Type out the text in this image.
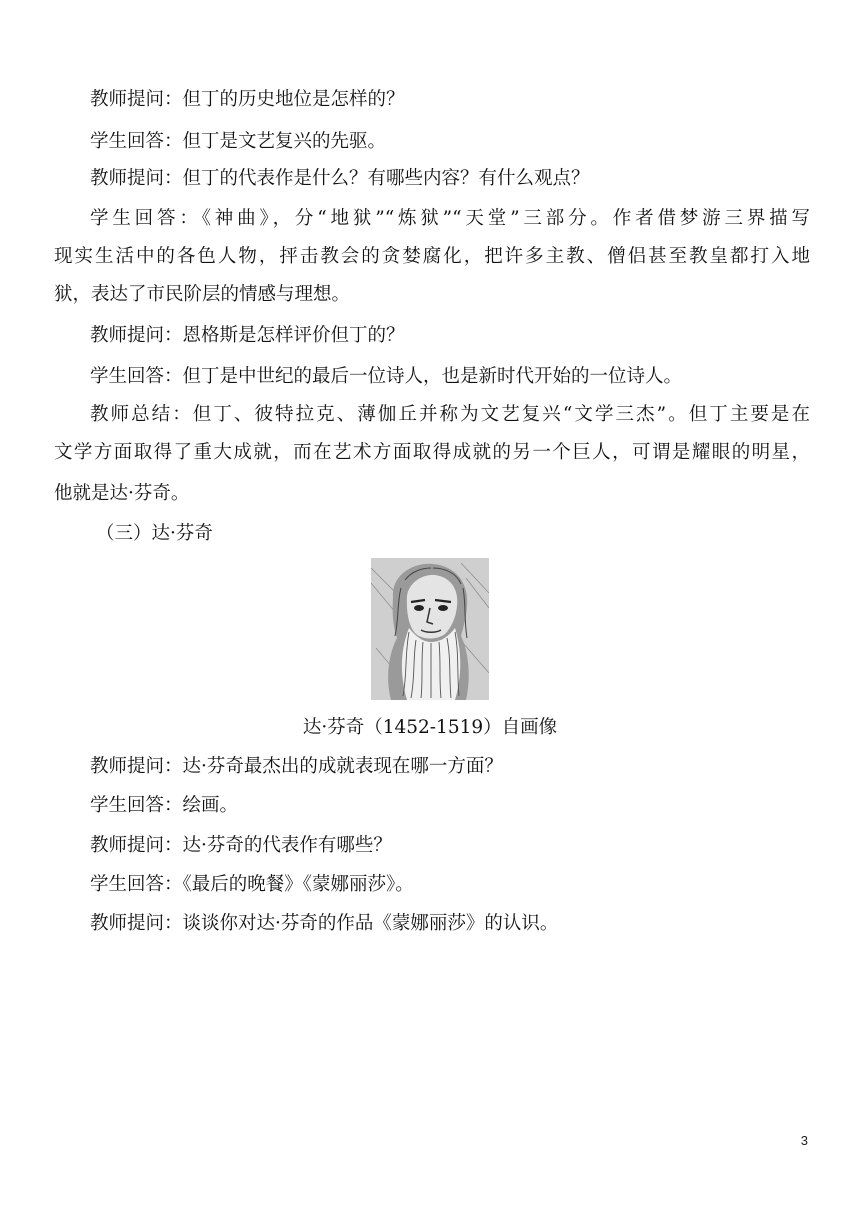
教师提问：但丁的历史地位是怎样的？

学生回答：但丁是文艺复兴的先驱。

教师提问：但丁的代表作是什么？有哪些内容？有什么观点？

学生回答：《神曲》，分“地狱”“炼狱”“天堂”三部分。作者借梦游三界描写

现实生活中的各色人物，抨击教会的贪婪腐化，把许多主教、僧侣甚至教皇都打入地

狱，表达了市民阶层的情感与理想。

教师提问：恩格斯是怎样评价但丁的？

学生回答：但丁是中世纪的最后一位诗人，也是新时代开始的一位诗人。

教师总结：但丁、彼特拉克、薄伽丘并称为文艺复兴“文学三杰”。但丁主要是在

文学方面取得了重大成就，而在艺术方面取得成就的另一个巨人，可谓是耀眼的明星，

他就是达·芬奇。

（三）达·芬奇

达·芬奇（1452-1519）自画像

教师提问：达·芬奇最杰出的成就表现在哪一方面？

学生回答：绘画。

教师提问：达·芬奇的代表作有哪些？

学生回答：《最后的晚餐》《蒙娜丽莎》。

教师提问：谈谈你对达·芬奇的作品《蒙娜丽莎》的认识。

3
